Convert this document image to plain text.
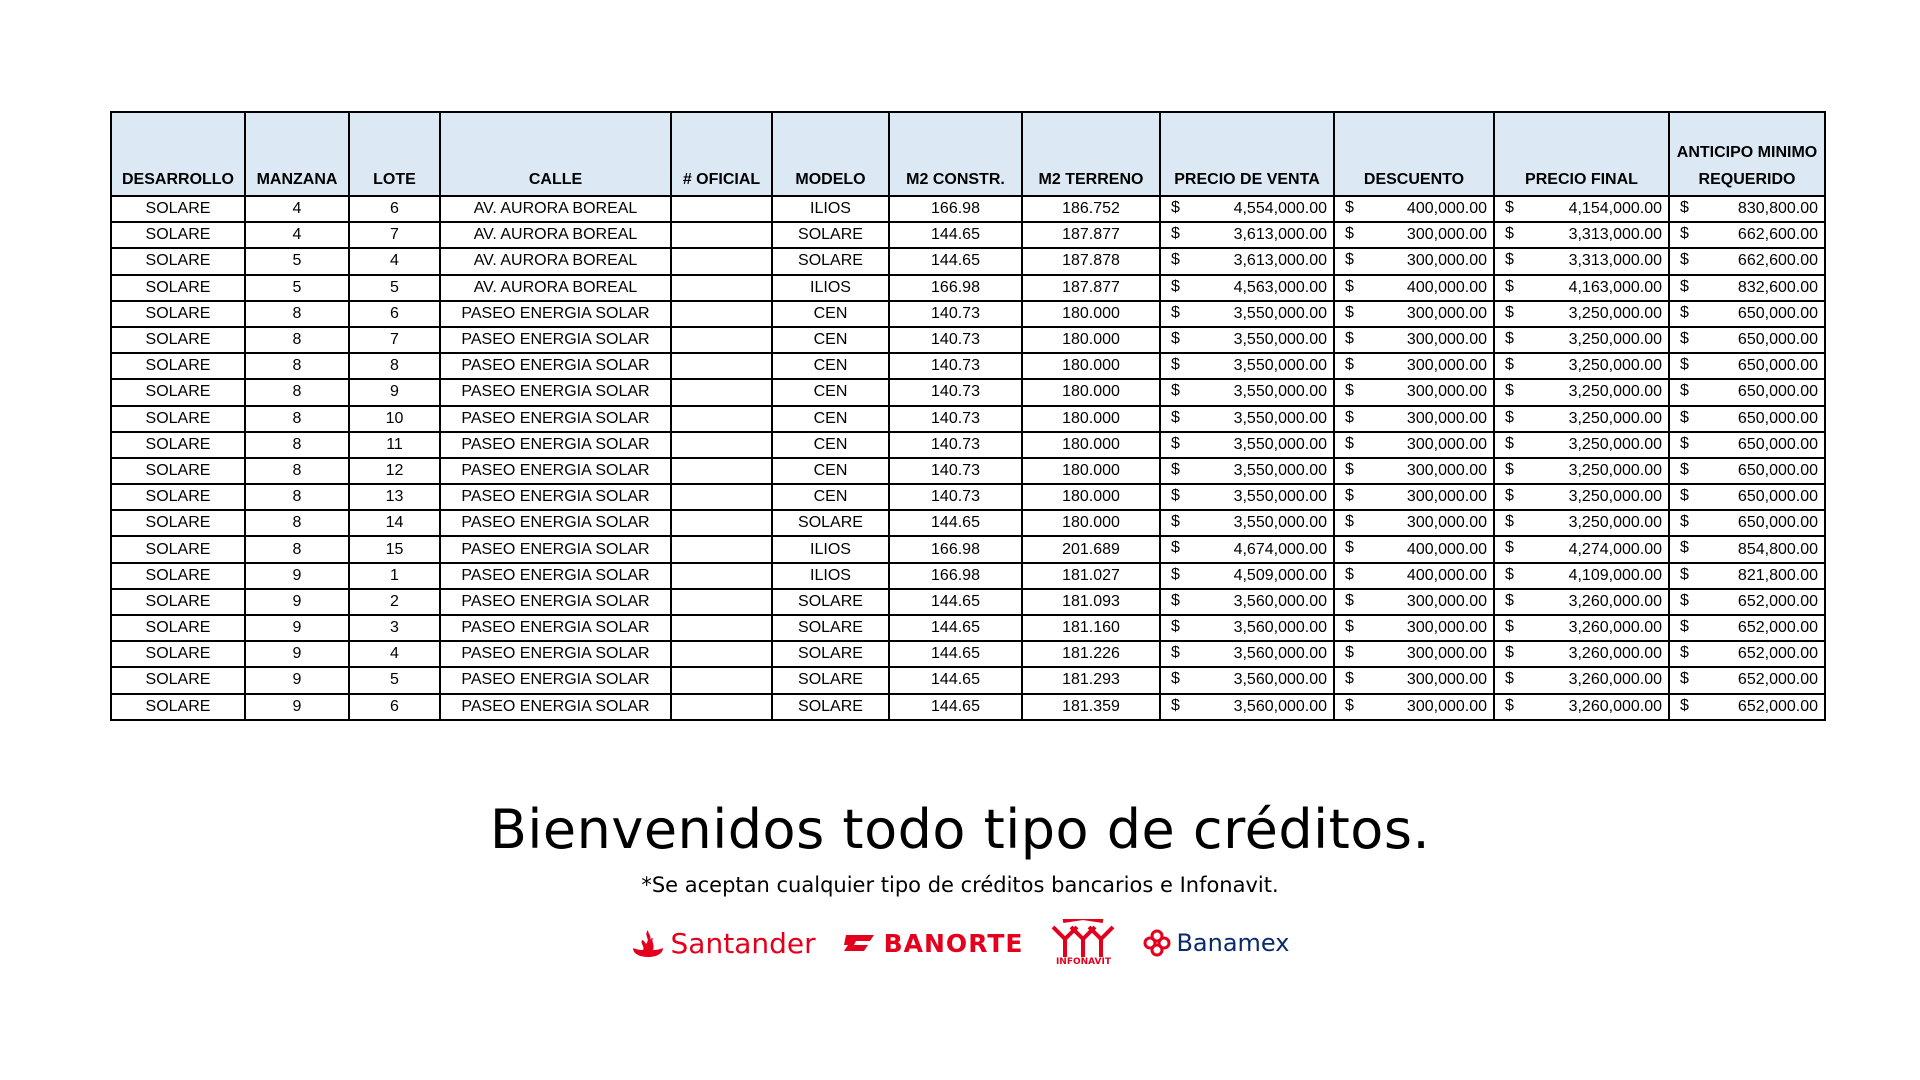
DESARROLLO	MANZANA	LOTE	CALLE	# OFICIAL	MODELO	M2 CONSTR.	M2 TERRENO	PRECIO DE VENTA	DESCUENTO	PRECIO FINAL	ANTICIPO MINIMO REQUERIDO
SOLARE	4	6	AV. AURORA BOREAL		ILIOS	166.98	186.752	$ 4,554,000.00	$ 400,000.00	$ 4,154,000.00	$ 830,800.00
SOLARE	4	7	AV. AURORA BOREAL		SOLARE	144.65	187.877	$ 3,613,000.00	$ 300,000.00	$ 3,313,000.00	$ 662,600.00
SOLARE	5	4	AV. AURORA BOREAL		SOLARE	144.65	187.878	$ 3,613,000.00	$ 300,000.00	$ 3,313,000.00	$ 662,600.00
SOLARE	5	5	AV. AURORA BOREAL		ILIOS	166.98	187.877	$ 4,563,000.00	$ 400,000.00	$ 4,163,000.00	$ 832,600.00
SOLARE	8	6	PASEO ENERGIA SOLAR		CEN	140.73	180.000	$ 3,550,000.00	$ 300,000.00	$ 3,250,000.00	$ 650,000.00
SOLARE	8	7	PASEO ENERGIA SOLAR		CEN	140.73	180.000	$ 3,550,000.00	$ 300,000.00	$ 3,250,000.00	$ 650,000.00
SOLARE	8	8	PASEO ENERGIA SOLAR		CEN	140.73	180.000	$ 3,550,000.00	$ 300,000.00	$ 3,250,000.00	$ 650,000.00
SOLARE	8	9	PASEO ENERGIA SOLAR		CEN	140.73	180.000	$ 3,550,000.00	$ 300,000.00	$ 3,250,000.00	$ 650,000.00
SOLARE	8	10	PASEO ENERGIA SOLAR		CEN	140.73	180.000	$ 3,550,000.00	$ 300,000.00	$ 3,250,000.00	$ 650,000.00
SOLARE	8	11	PASEO ENERGIA SOLAR		CEN	140.73	180.000	$ 3,550,000.00	$ 300,000.00	$ 3,250,000.00	$ 650,000.00
SOLARE	8	12	PASEO ENERGIA SOLAR		CEN	140.73	180.000	$ 3,550,000.00	$ 300,000.00	$ 3,250,000.00	$ 650,000.00
SOLARE	8	13	PASEO ENERGIA SOLAR		CEN	140.73	180.000	$ 3,550,000.00	$ 300,000.00	$ 3,250,000.00	$ 650,000.00
SOLARE	8	14	PASEO ENERGIA SOLAR		SOLARE	144.65	180.000	$ 3,550,000.00	$ 300,000.00	$ 3,250,000.00	$ 650,000.00
SOLARE	8	15	PASEO ENERGIA SOLAR		ILIOS	166.98	201.689	$ 4,674,000.00	$ 400,000.00	$ 4,274,000.00	$ 854,800.00
SOLARE	9	1	PASEO ENERGIA SOLAR		ILIOS	166.98	181.027	$ 4,509,000.00	$ 400,000.00	$ 4,109,000.00	$ 821,800.00
SOLARE	9	2	PASEO ENERGIA SOLAR		SOLARE	144.65	181.093	$ 3,560,000.00	$ 300,000.00	$ 3,260,000.00	$ 652,000.00
SOLARE	9	3	PASEO ENERGIA SOLAR		SOLARE	144.65	181.160	$ 3,560,000.00	$ 300,000.00	$ 3,260,000.00	$ 652,000.00
SOLARE	9	4	PASEO ENERGIA SOLAR		SOLARE	144.65	181.226	$ 3,560,000.00	$ 300,000.00	$ 3,260,000.00	$ 652,000.00
SOLARE	9	5	PASEO ENERGIA SOLAR		SOLARE	144.65	181.293	$ 3,560,000.00	$ 300,000.00	$ 3,260,000.00	$ 652,000.00
SOLARE	9	6	PASEO ENERGIA SOLAR		SOLARE	144.65	181.359	$ 3,560,000.00	$ 300,000.00	$ 3,260,000.00	$ 652,000.00
Bienvenidos todo tipo de créditos.
*Se aceptan cualquier tipo de créditos bancarios e Infonavit.
Santander	BANORTE
INFONAVIT
Banamex
